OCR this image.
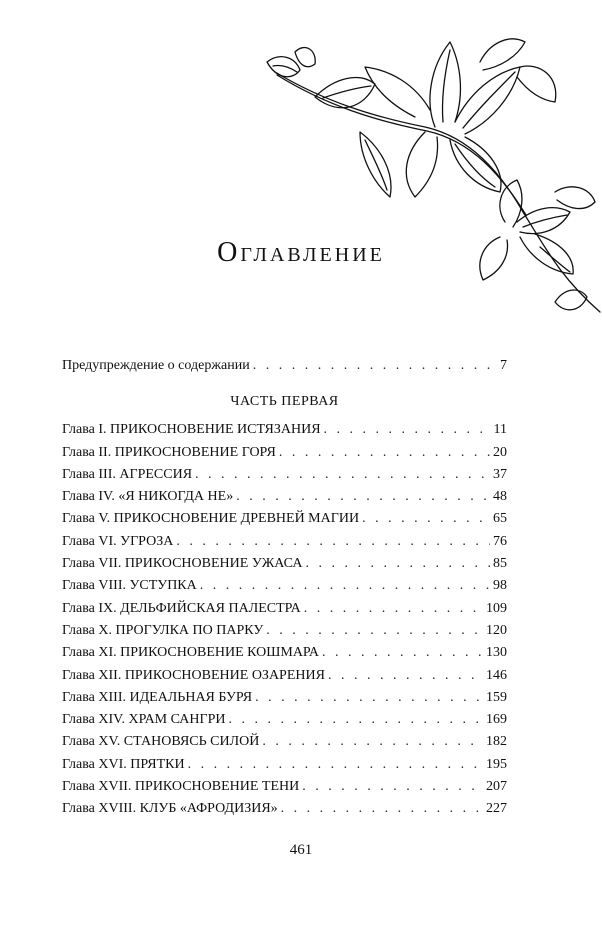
Оглавление
Предупреждение о содержании . . .	7
ЧАСТЬ ПЕРВАЯ
Глава I. ПРИКОСНОВЕНИЕ ИСТЯЗАНИЯ . . .	11
Глава II. ПРИКОСНОВЕНИЕ ГОРЯ . . .	20
Глава III. АГРЕССИЯ . . .	37
Глава IV. «Я НИКОГДА НЕ» . . .	48
Глава V. ПРИКОСНОВЕНИЕ ДРЕВНЕЙ МАГИИ . . .	65
Глава VI. УГРОЗА . . .	76
Глава VII. ПРИКОСНОВЕНИЕ УЖАСА . . .	85
Глава VIII. УСТУПКА . . .	98
Глава IX. ДЕЛЬФИЙСКАЯ ПАЛЕСТРА . . .	109
Глава X. ПРОГУЛКА ПО ПАРКУ . . .	120
Глава XI. ПРИКОСНОВЕНИЕ КОШМАРА . . .	130
Глава XII. ПРИКОСНОВЕНИЕ ОЗАРЕНИЯ . . .	146
Глава XIII. ИДЕАЛЬНАЯ БУРЯ . . .	159
Глава XIV. ХРАМ САНГРИ . . .	169
Глава XV. СТАНОВЯСЬ СИЛОЙ . . .	182
Глава XVI. ПРЯТКИ . . .	195
Глава XVII. ПРИКОСНОВЕНИЕ ТЕНИ . . .	207
Глава XVIII. КЛУБ «АФРОДИЗИЯ» . . .	227
461
